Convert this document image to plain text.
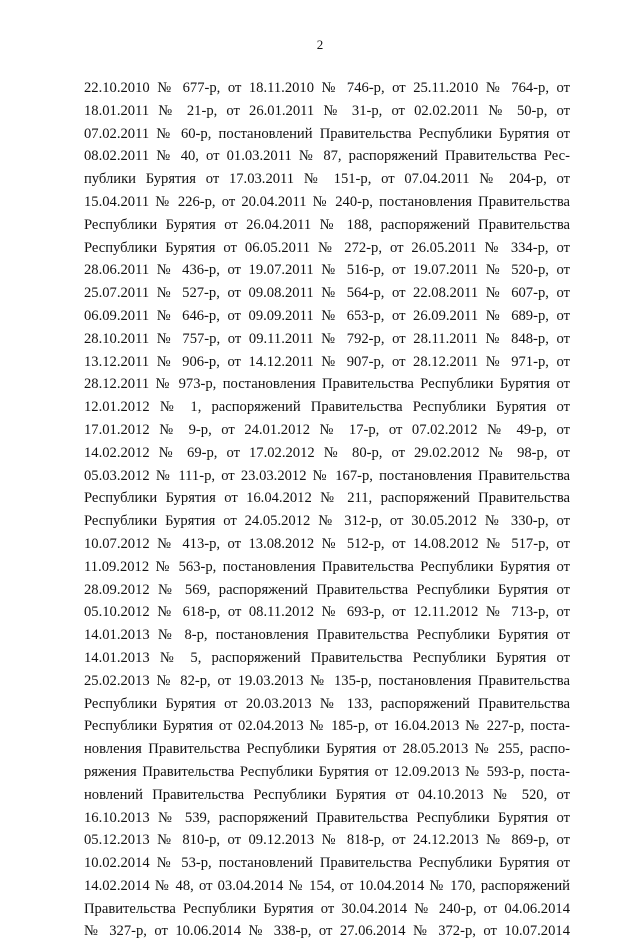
2
22.10.2010 № 677-р, от 18.11.2010 № 746-р, от 25.11.2010 № 764-р, от
18.01.2011 № 21-р, от 26.01.2011 № 31-р, от 02.02.2011 № 50-р, от
07.02.2011 № 60-р, постановлений Правительства Республики Бурятия от
08.02.2011 № 40, от 01.03.2011 № 87, распоряжений Правительства Рес-
публики Бурятия от 17.03.2011 № 151-р, от 07.04.2011 № 204-р, от
15.04.2011 № 226-р, от 20.04.2011 № 240-р, постановления Правительства
Республики Бурятия от 26.04.2011 № 188, распоряжений Правительства
Республики Бурятия от 06.05.2011 № 272-р, от 26.05.2011 № 334-р, от
28.06.2011 № 436-р, от 19.07.2011 № 516-р, от 19.07.2011 № 520-р, от
25.07.2011 № 527-р, от 09.08.2011 № 564-р, от 22.08.2011 № 607-р, от
06.09.2011 № 646-р, от 09.09.2011 № 653-р, от 26.09.2011 № 689-р, от
28.10.2011 № 757-р, от 09.11.2011 № 792-р, от 28.11.2011 № 848-р, от
13.12.2011 № 906-р, от 14.12.2011 № 907-р, от 28.12.2011 № 971-р, от
28.12.2011 № 973-р, постановления Правительства Республики Бурятия от
12.01.2012 № 1, распоряжений Правительства Республики Бурятия от
17.01.2012 № 9-р, от 24.01.2012 № 17-р, от 07.02.2012 № 49-р, от
14.02.2012 № 69-р, от 17.02.2012 № 80-р, от 29.02.2012 № 98-р, от
05.03.2012 № 111-р, от 23.03.2012 № 167-р, постановления Правительства
Республики Бурятия от 16.04.2012 № 211, распоряжений Правительства
Республики Бурятия от 24.05.2012 № 312-р, от 30.05.2012 № 330-р, от
10.07.2012 № 413-р, от 13.08.2012 № 512-р, от 14.08.2012 № 517-р, от
11.09.2012 № 563-р, постановления Правительства Республики Бурятия от
28.09.2012 № 569, распоряжений Правительства Республики Бурятия от
05.10.2012 № 618-р, от 08.11.2012 № 693-р, от 12.11.2012 № 713-р, от
14.01.2013 № 8-р, постановления Правительства Республики Бурятия от
14.01.2013 № 5, распоряжений Правительства Республики Бурятия от
25.02.2013 № 82-р, от 19.03.2013 № 135-р, постановления Правительства
Республики Бурятия от 20.03.2013 № 133, распоряжений Правительства
Республики Бурятия от 02.04.2013 № 185-р, от 16.04.2013 № 227-р, поста-
новления Правительства Республики Бурятия от 28.05.2013 № 255, распо-
ряжения Правительства Республики Бурятия от 12.09.2013 № 593-р, поста-
новлений Правительства Республики Бурятия от 04.10.2013 № 520, от
16.10.2013 № 539, распоряжений Правительства Республики Бурятия от
05.12.2013 № 810-р, от 09.12.2013 № 818-р, от 24.12.2013 № 869-р, от
10.02.2014 № 53-р, постановлений Правительства Республики Бурятия от
14.02.2014 № 48, от 03.04.2014 № 154, от 10.04.2014 № 170, распоряжений
Правительства Республики Бурятия от 30.04.2014 № 240-р, от 04.06.2014
№ 327-р, от 10.06.2014 № 338-р, от 27.06.2014 № 372-р, от 10.07.2014
